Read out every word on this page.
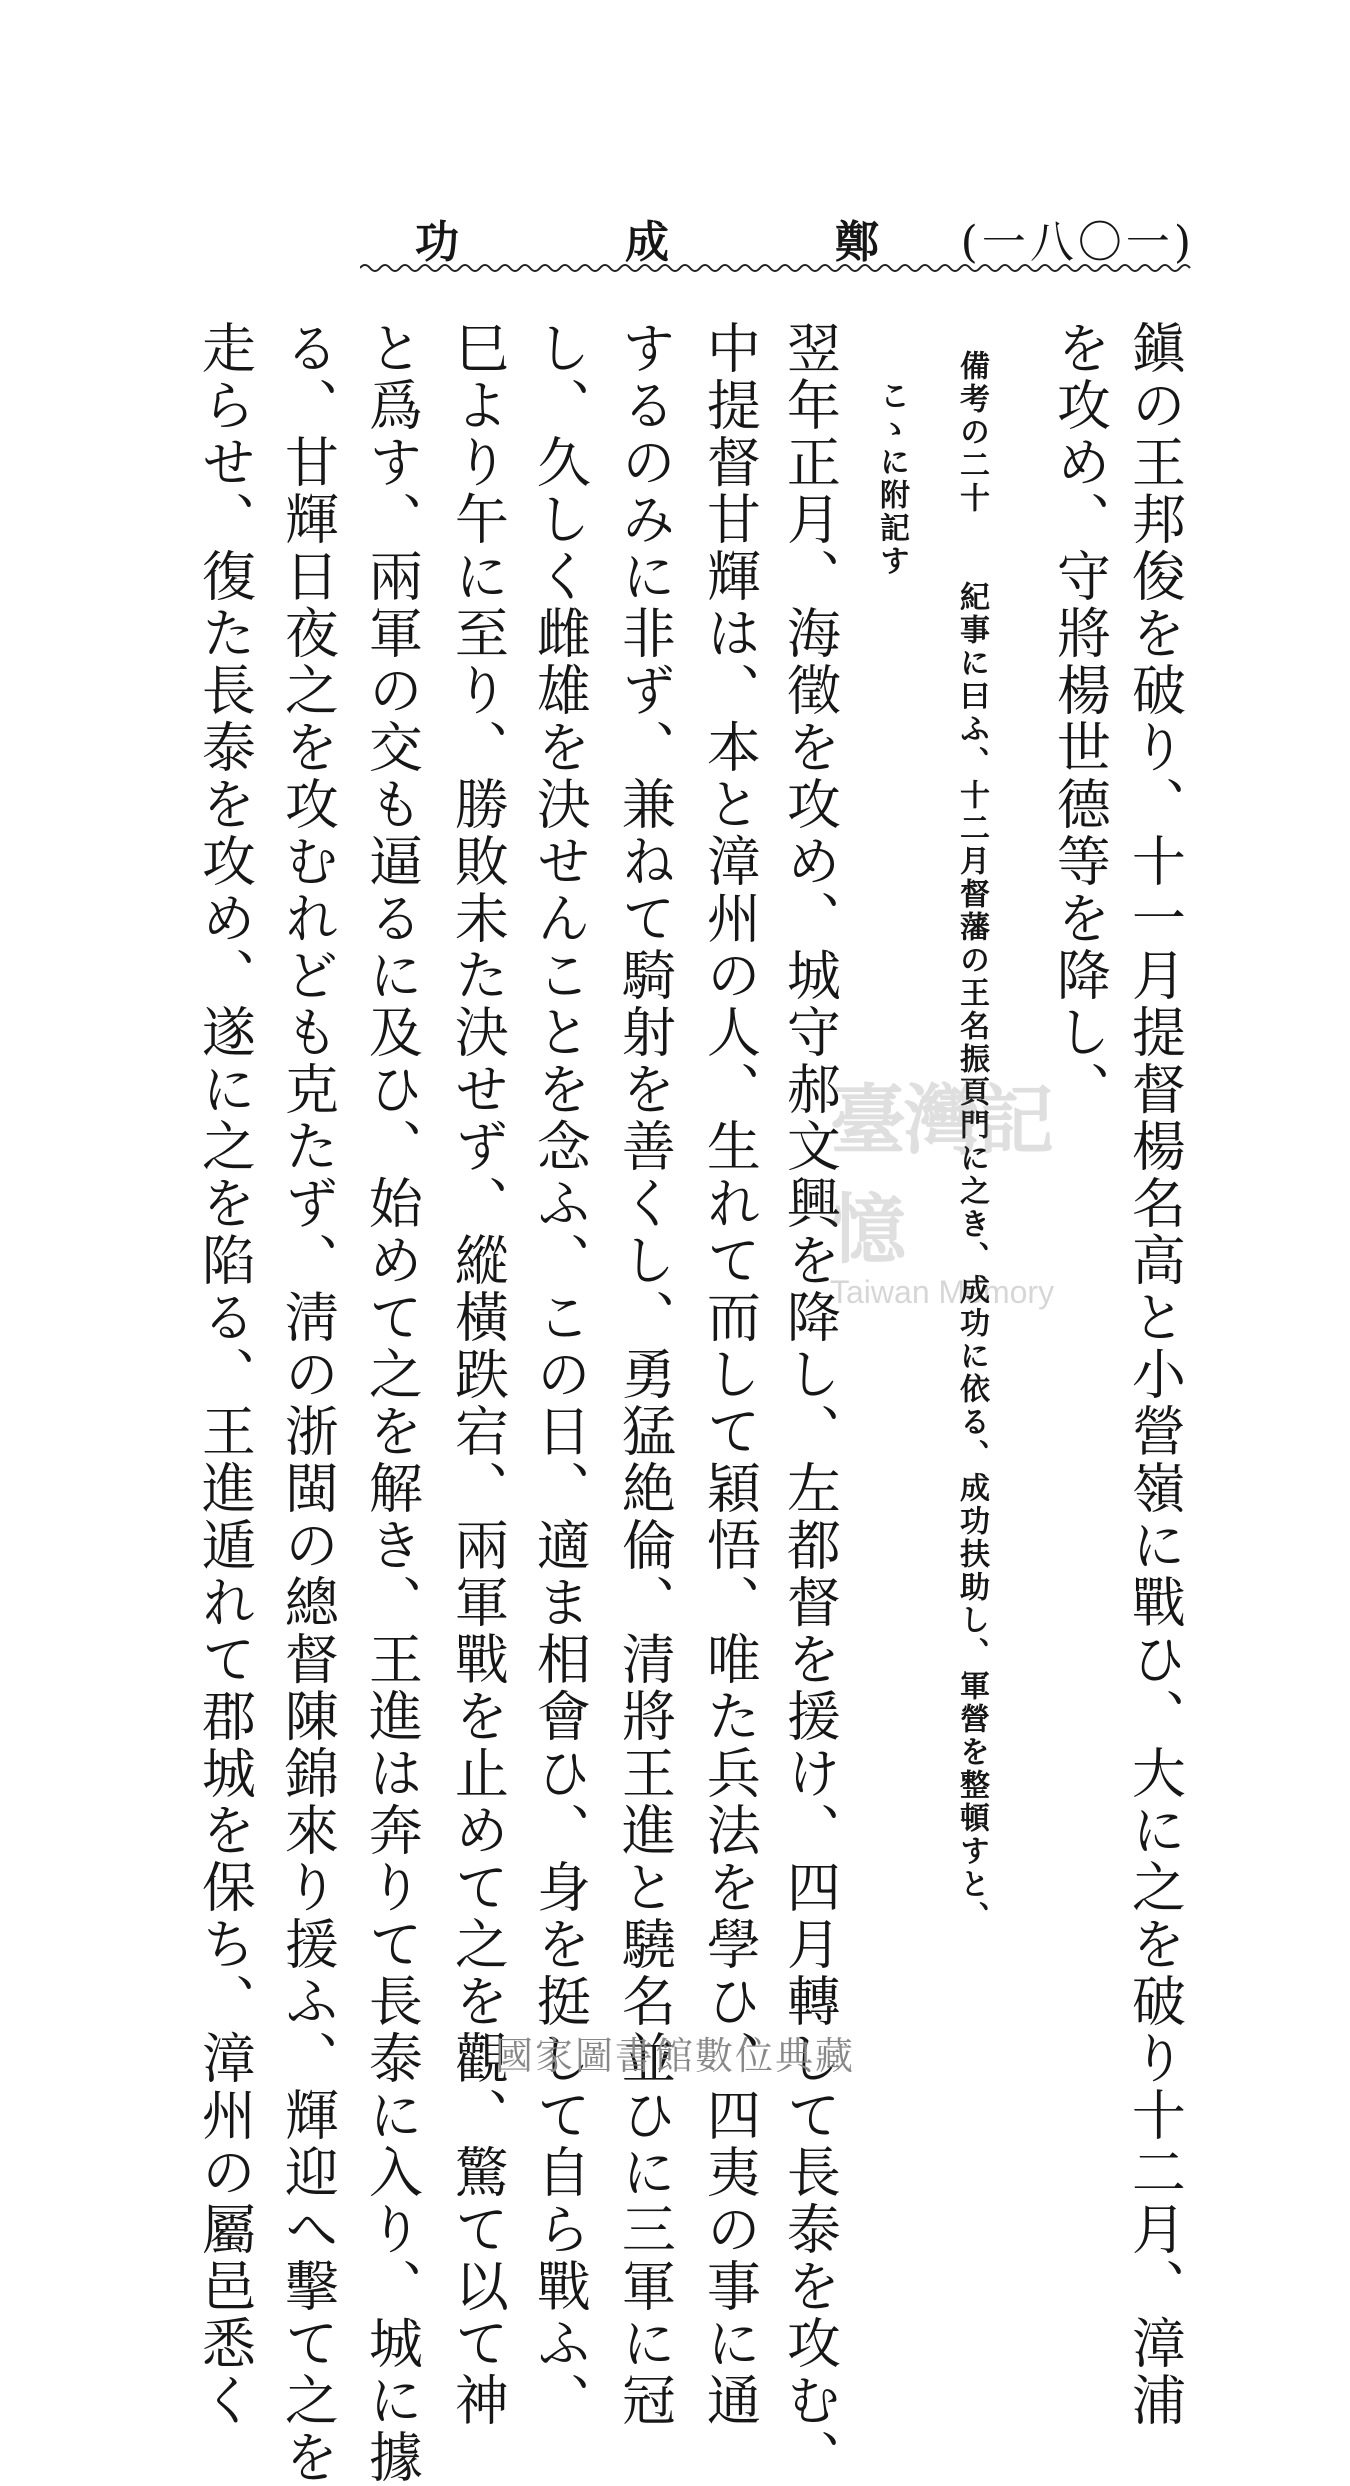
鄭
成
功	(一八〇一)
鎭の王邦俊を破り、十一月提督楊名高と小營嶺に戰ひ、大に之を破り十二月、漳浦
を攻め、守將楊世德等を降し、
備考の二十　　紀事に曰ふ、十二月督藩の王名振頁門に之き、成功に依る、成功扶助し、軍營を整頓すと、
こゝに附記す
翌年正月、海徵を攻め、城守郝文興を降し、左都督を援け、四月轉して長泰を攻む、
中提督甘輝は、本と漳州の人、生れて而して穎悟、唯た兵法を學ひ、四夷の事に通
するのみに非ず、兼ねて騎射を善くし、勇猛絶倫、清將王進と驍名並ひに三軍に冠
し、久しく雌雄を決せんことを念ふ、この日、適ま相會ひ、身を挺して自ら戰ふ、
巳より午に至り、勝敗未た決せず、縱橫跌宕、兩軍戰を止めて之を觀、驚て以て神
と爲す、兩軍の交も逼るに及ひ、始めて之を解き、王進は奔りて長泰に入り、城に據
る、甘輝日夜之を攻むれども克たず、淸の浙閩の總督陳錦來り援ふ、輝迎へ擊て之を
走らせ、復た長泰を攻め、遂に之を陷る、王進遁れて郡城を保ち、漳州の屬邑悉く	臺灣記憶
Taiwan Memory
國家圖書館數位典藏
